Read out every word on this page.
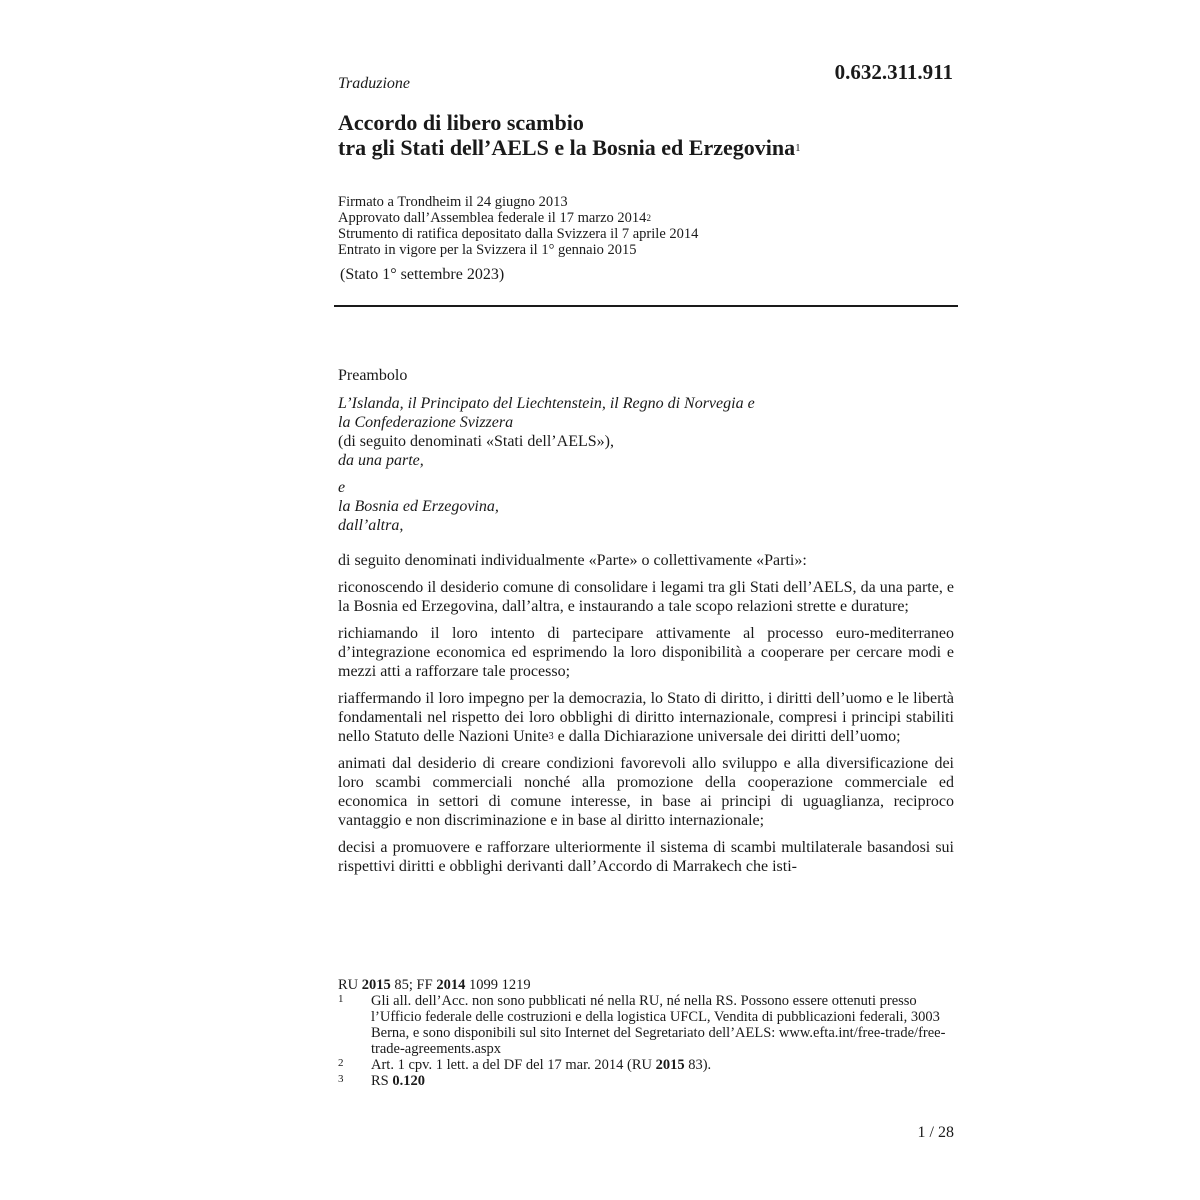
Traduzione	0.632.311.911
Accordo di libero scambio
tra gli Stati dell’AELS e la Bosnia ed Erzegovina$^1$
Firmato a Trondheim il 24 giugno 2013
Approvato dall’Assemblea federale il 17 marzo 2014$^2$
Strumento di ratifica depositato dalla Svizzera il 7 aprile 2014
Entrato in vigore per la Svizzera il 1° gennaio 2015
(Stato 1° settembre 2023)
Preambolo
L’Islanda, il Principato del Liechtenstein, il Regno di Norvegia e
la Confederazione Svizzera
(di seguito denominati «Stati dell’AELS»),
da una parte,
e
la Bosnia ed Erzegovina,
dall’altra,

di seguito denominati individualmente «Parte» o collettivamente «Parti»:

riconoscendo il desiderio comune di consolidare i legami tra gli Stati dell’AELS, da una parte, e la Bosnia ed Erzegovina, dall’altra, e instaurando a tale scopo relazioni strette e durature;

richiamando il loro intento di partecipare attivamente al processo euro-mediterraneo d’integrazione economica ed esprimendo la loro disponibilità a cooperare per cercare modi e mezzi atti a rafforzare tale processo;

riaffermando il loro impegno per la democrazia, lo Stato di diritto, i diritti dell’uomo e le libertà fondamentali nel rispetto dei loro obblighi di diritto internazionale, compresi i principi stabiliti nello Statuto delle Nazioni Unite$^3$ e dalla Dichiarazione universale dei diritti dell’uomo;

animati dal desiderio di creare condizioni favorevoli allo sviluppo e alla diversificazione dei loro scambi commerciali nonché alla promozione della cooperazione commerciale ed economica in settori di comune interesse, in base ai principi di uguaglianza, reciproco vantaggio e non discriminazione e in base al diritto internazionale;

decisi a promuovere e rafforzare ulteriormente il sistema di scambi multilaterale basandosi sui rispettivi diritti e obblighi derivanti dall’Accordo di Marrakech che isti-

RU 2015 85; FF 2014 1099 1219
1	Gli all. dell’Acc. non sono pubblicati né nella RU, né nella RS. Possono essere ottenuti presso l’Ufficio federale delle costruzioni e della logistica UFCL, Vendita di pubblicazioni federali, 3003 Berna, e sono disponibili sul sito Internet del Segretariato dell’AELS: www.efta.int/free-trade/free-trade-agreements.aspx
2	Art. 1 cpv. 1 lett. a del DF del 17 mar. 2014 (RU 2015 83).
3	RS 0.120
1 / 28
